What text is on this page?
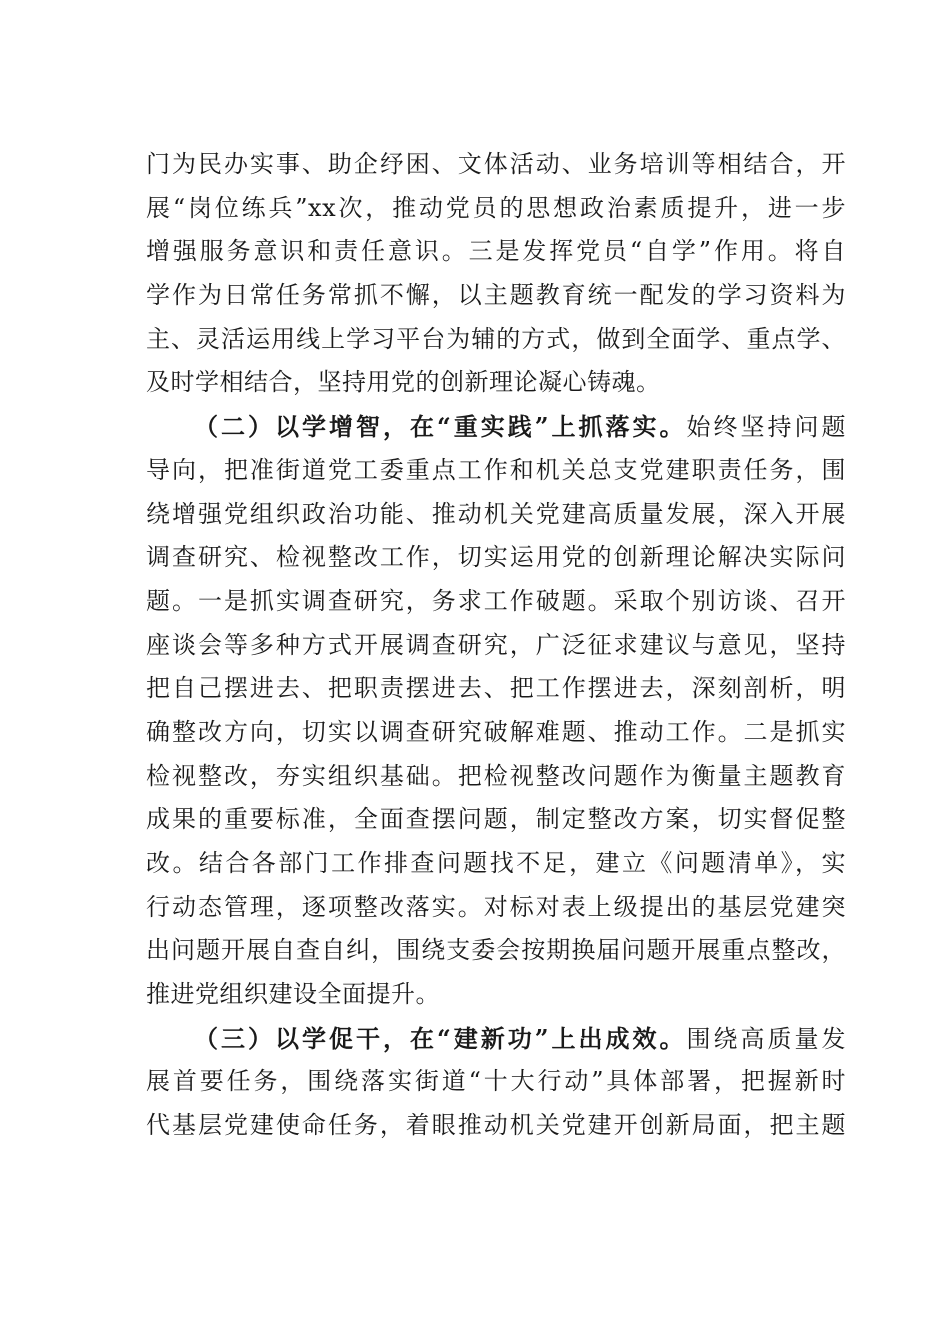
门为民办实事、助企纾困、文体活动、业务培训等相结合，开
展“岗位练兵”xx次，推动党员的思想政治素质提升，进一步
增强服务意识和责任意识。三是发挥党员“自学”作用。将自
学作为日常任务常抓不懈，以主题教育统一配发的学习资料为
主、灵活运用线上学习平台为辅的方式，做到全面学、重点学、
及时学相结合，坚持用党的创新理论凝心铸魂。
（二）以学增智，在“重实践”上抓落实。始终坚持问题
导向，把准街道党工委重点工作和机关总支党建职责任务，围
绕增强党组织政治功能、推动机关党建高质量发展，深入开展
调查研究、检视整改工作，切实运用党的创新理论解决实际问
题。一是抓实调查研究，务求工作破题。采取个别访谈、召开
座谈会等多种方式开展调查研究，广泛征求建议与意见，坚持
把自己摆进去、把职责摆进去、把工作摆进去，深刻剖析，明
确整改方向，切实以调查研究破解难题、推动工作。二是抓实
检视整改，夯实组织基础。把检视整改问题作为衡量主题教育
成果的重要标准，全面查摆问题，制定整改方案，切实督促整
改。结合各部门工作排查问题找不足，建立《问题清单》，实
行动态管理，逐项整改落实。对标对表上级提出的基层党建突
出问题开展自查自纠，围绕支委会按期换届问题开展重点整改，
推进党组织建设全面提升。
（三）以学促干，在“建新功”上出成效。围绕高质量发
展首要任务，围绕落实街道“十大行动”具体部署，把握新时
代基层党建使命任务，着眼推动机关党建开创新局面，把主题
